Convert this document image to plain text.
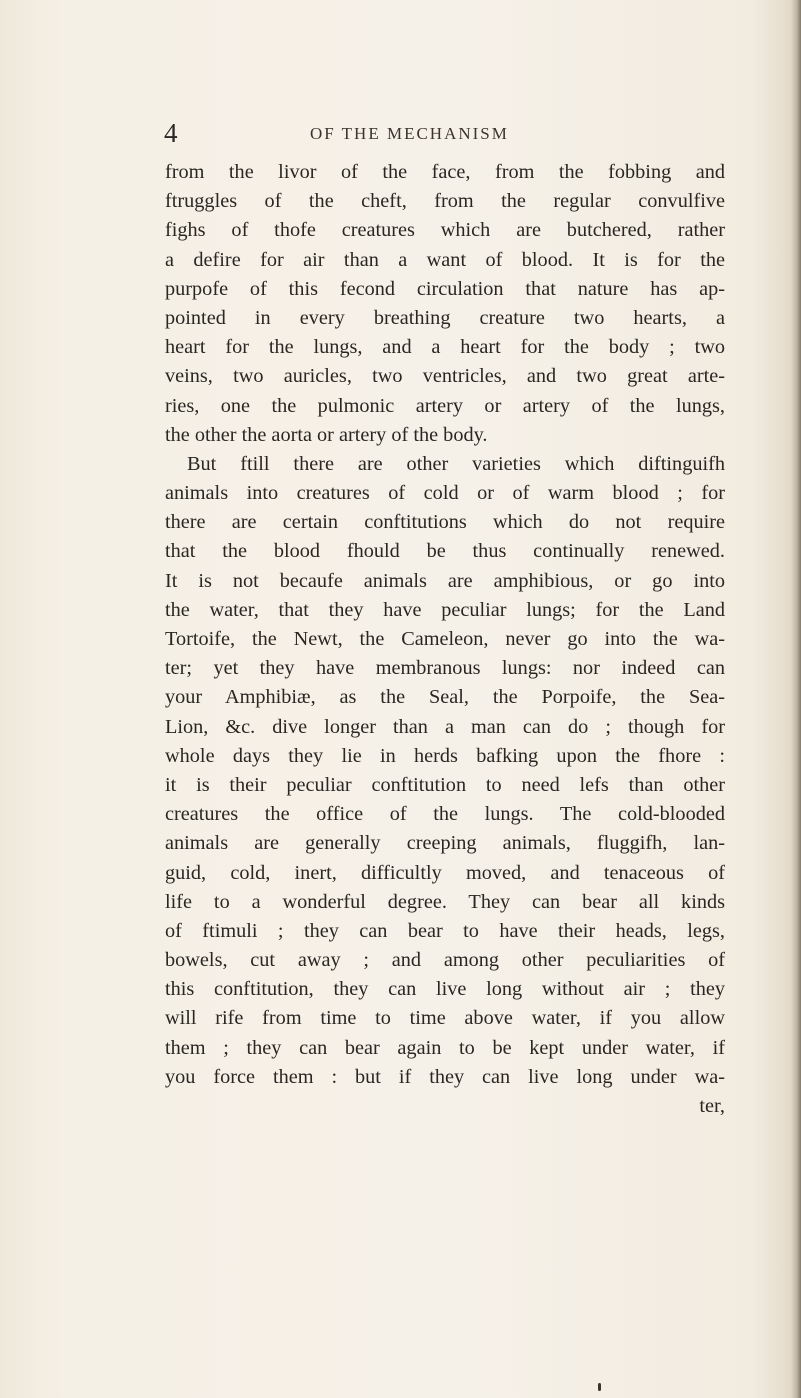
4	OF THE MECHANISM
from the livor of the face, from the fobbing and
ftruggles of the cheft, from the regular convulfive
fighs of thofe creatures which are butchered, rather
a defire for air than a want of blood. It is for the
purpofe of this fecond circulation that nature has ap-
pointed in every breathing creature two hearts, a
heart for the lungs, and a heart for the body ; two
veins, two auricles, two ventricles, and two great arte-
ries, one the pulmonic artery or artery of the lungs,
the other the aorta or artery of the body.
But ftill there are other varieties which diftinguifh
animals into creatures of cold or of warm blood ; for
there are certain conftitutions which do not require
that the blood fhould be thus continually renewed.
It is not becaufe animals are amphibious, or go into
the water, that they have peculiar lungs; for the Land
Tortoife, the Newt, the Cameleon, never go into the wa-
ter; yet they have membranous lungs: nor indeed can
your Amphibiæ, as the Seal, the Porpoife, the Sea-
Lion, &c. dive longer than a man can do ; though for
whole days they lie in herds bafking upon the fhore :
it is their peculiar conftitution to need lefs than other
creatures the office of the lungs. The cold-blooded
animals are generally creeping animals, fluggifh, lan-
guid, cold, inert, difficultly moved, and tenaceous of
life to a wonderful degree. They can bear all kinds
of ftimuli ; they can bear to have their heads, legs,
bowels, cut away ; and among other peculiarities of
this conftitution, they can live long without air ; they
will rife from time to time above water, if you allow
them ; they can bear again to be kept under water, if
you force them : but if they can live long under wa-
ter,
